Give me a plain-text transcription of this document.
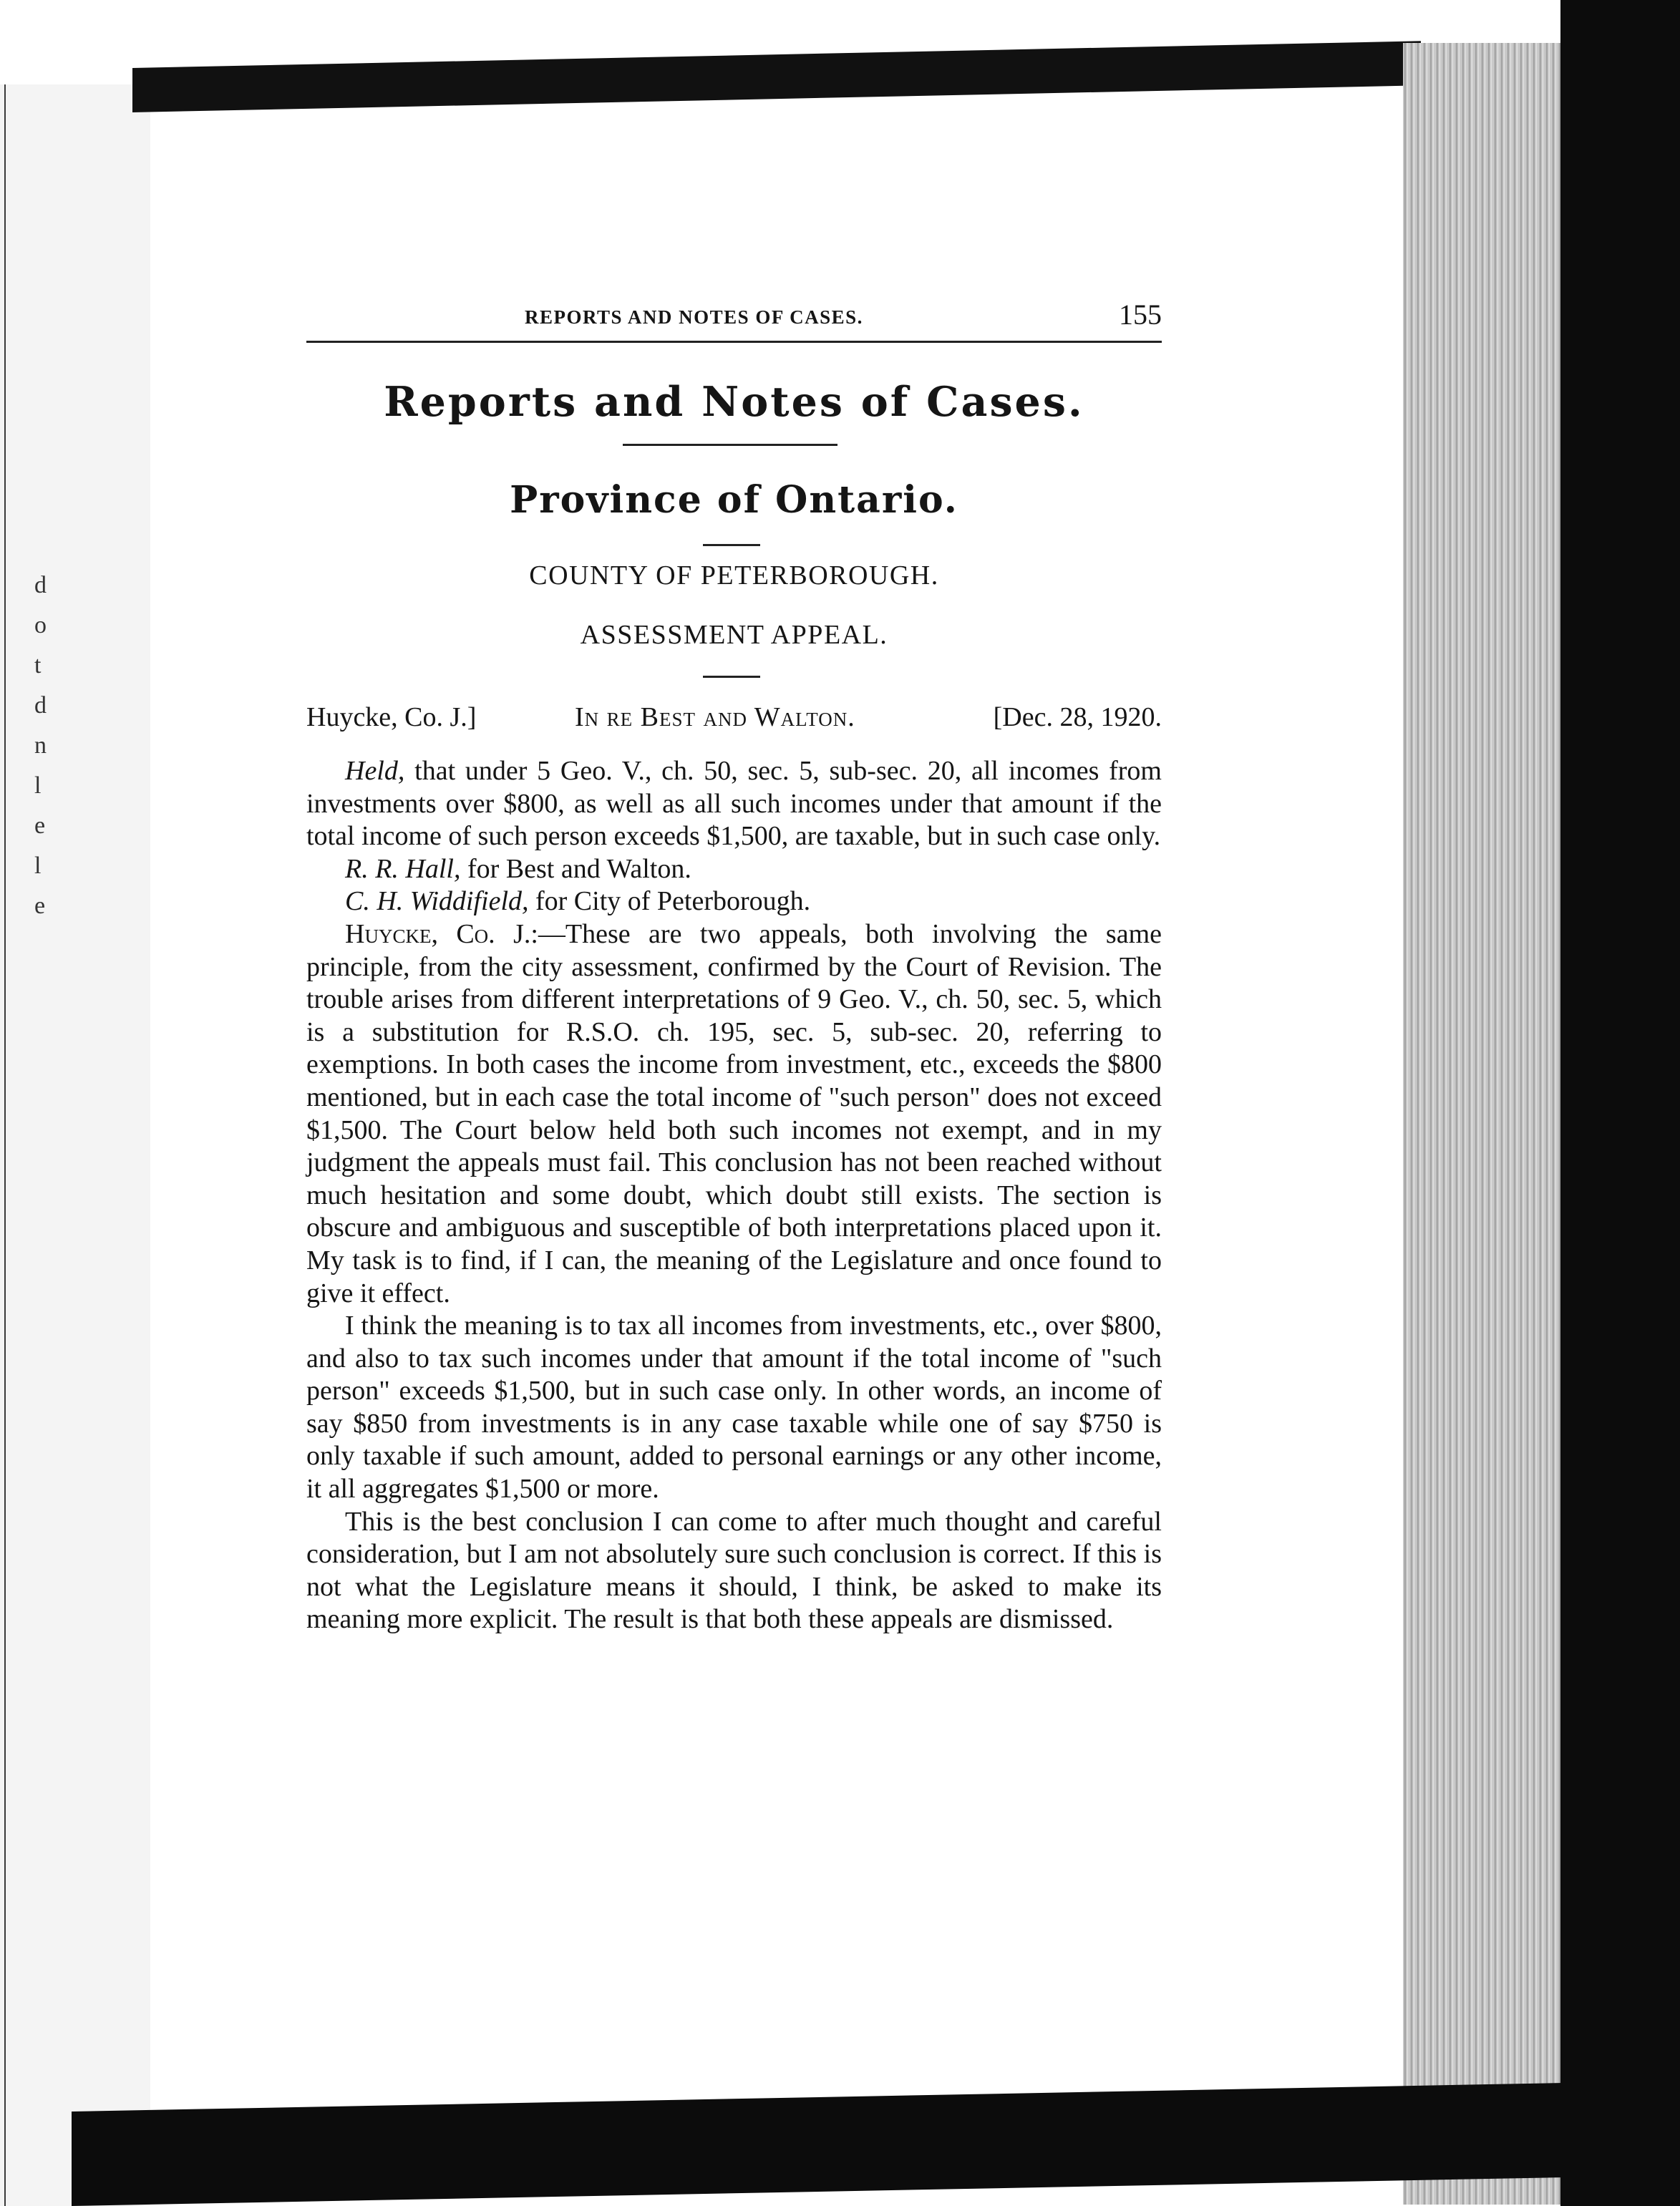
d
o
t
d
n
l
e
l
e
REPORTS AND NOTES OF CASES.	155
Reports and Notes of Cases.
Province of Ontario.
COUNTY OF PETERBOROUGH.
ASSESSMENT APPEAL.
Huycke, Co. J.]	In re Best and Walton.	[Dec. 28, 1920.

Held, that under 5 Geo. V., ch. 50, sec. 5, sub-sec. 20, all incomes from investments over $800, as well as all such incomes under that amount if the total income of such person exceeds $1,500, are taxable, but in such case only.

R. R. Hall, for Best and Walton.

C. H. Widdifield, for City of Peterborough.

Huycke, Co. J.:—These are two appeals, both involving the same principle, from the city assessment, confirmed by the Court of Revision. The trouble arises from different interpretations of 9 Geo. V., ch. 50, sec. 5, which is a substitution for R.S.O. ch. 195, sec. 5, sub-sec. 20, referring to exemptions. In both cases the income from investment, etc., exceeds the $800 mentioned, but in each case the total income of "such person" does not exceed $1,500. The Court below held both such incomes not exempt, and in my judgment the appeals must fail. This conclusion has not been reached without much hesitation and some doubt, which doubt still exists. The section is obscure and ambiguous and susceptible of both interpretations placed upon it. My task is to find, if I can, the meaning of the Legislature and once found to give it effect.

I think the meaning is to tax all incomes from investments, etc., over $800, and also to tax such incomes under that amount if the total income of "such person" exceeds $1,500, but in such case only. In other words, an income of say $850 from investments is in any case taxable while one of say $750 is only taxable if such amount, added to personal earnings or any other income, it all aggregates $1,500 or more.

This is the best conclusion I can come to after much thought and careful consideration, but I am not absolutely sure such conclusion is correct. If this is not what the Legislature means it should, I think, be asked to make its meaning more explicit. The result is that both these appeals are dismissed.
